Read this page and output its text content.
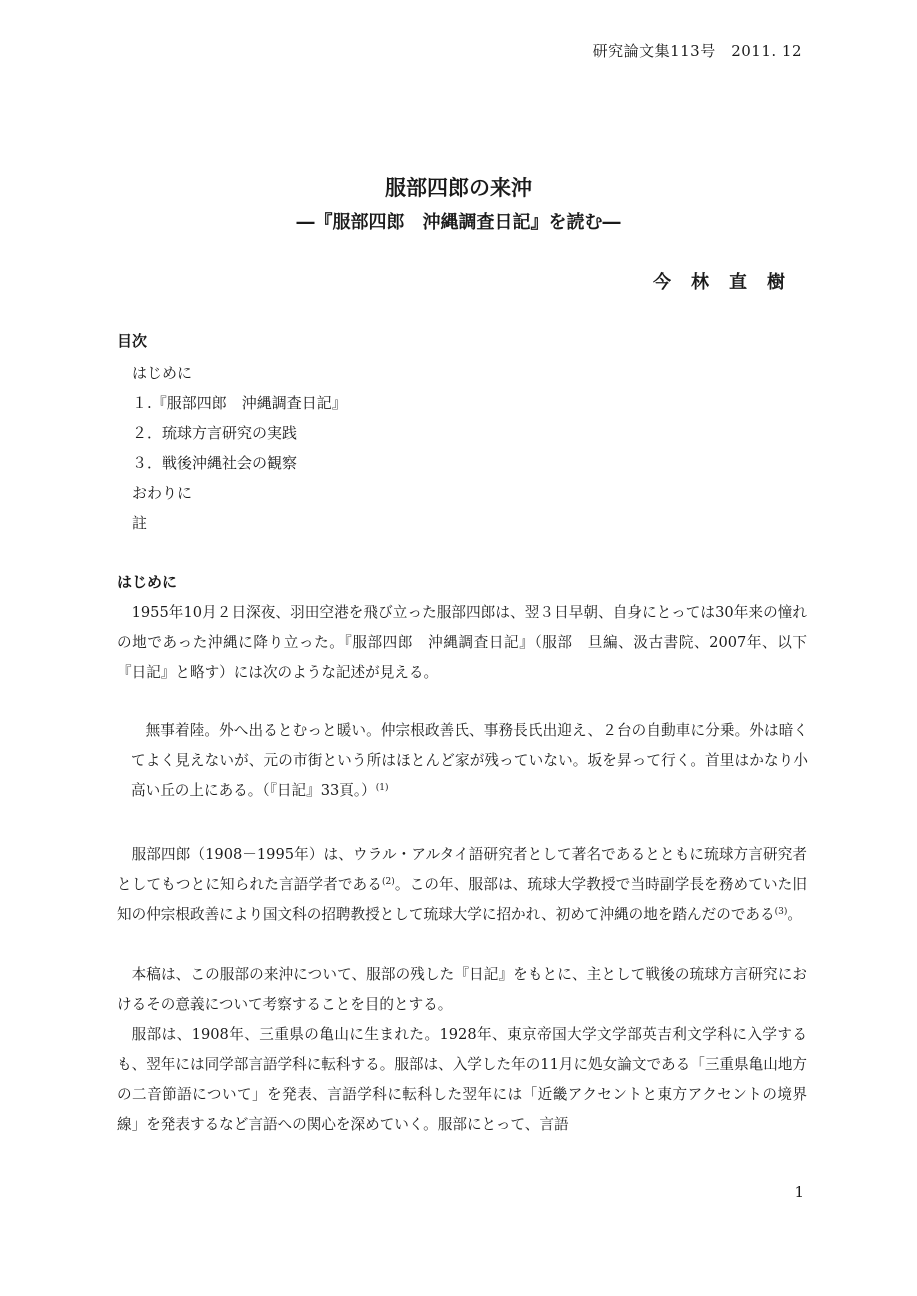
研究論文集113号　2011. 12
服部四郎の来沖
―『服部四郎　沖縄調査日記』を読む―
今林直樹
目次
はじめに
１.『服部四郎　沖縄調査日記』
２．琉球方言研究の実践
３．戦後沖縄社会の観察
おわりに
註
はじめに

1955年10月２日深夜、羽田空港を飛び立った服部四郎は、翌３日早朝、自身にとっては30年来の憧れの地であった沖縄に降り立った。『服部四郎　沖縄調査日記』（服部　旦編、汲古書院、2007年、以下『日記』と略す）には次のような記述が見える。

無事着陸。外へ出るとむっと暖い。仲宗根政善氏、事務長氏出迎え、２台の自動車に分乗。外は暗くてよく見えないが、元の市街という所はほとんど家が残っていない。坂を昇って行く。首里はかなり小高い丘の上にある。（『日記』33頁。）$^{(1)}$

服部四郎（1908－1995年）は、ウラル・アルタイ語研究者として著名であるとともに琉球方言研究者としてもつとに知られた言語学者である$^{(2)}$。この年、服部は、琉球大学教授で当時副学長を務めていた旧知の仲宗根政善により国文科の招聘教授として琉球大学に招かれ、初めて沖縄の地を踏んだのである$^{(3)}$。

本稿は、この服部の来沖について、服部の残した『日記』をもとに、主として戦後の琉球方言研究におけるその意義について考察することを目的とする。

服部は、1908年、三重県の亀山に生まれた。1928年、東京帝国大学文学部英吉利文学科に入学するも、翌年には同学部言語学科に転科する。服部は、入学した年の11月に処女論文である「三重県亀山地方の二音節語について」を発表、言語学科に転科した翌年には「近畿アクセントと東方アクセントの境界線」を発表するなど言語への関心を深めていく。服部にとって、言語

1
